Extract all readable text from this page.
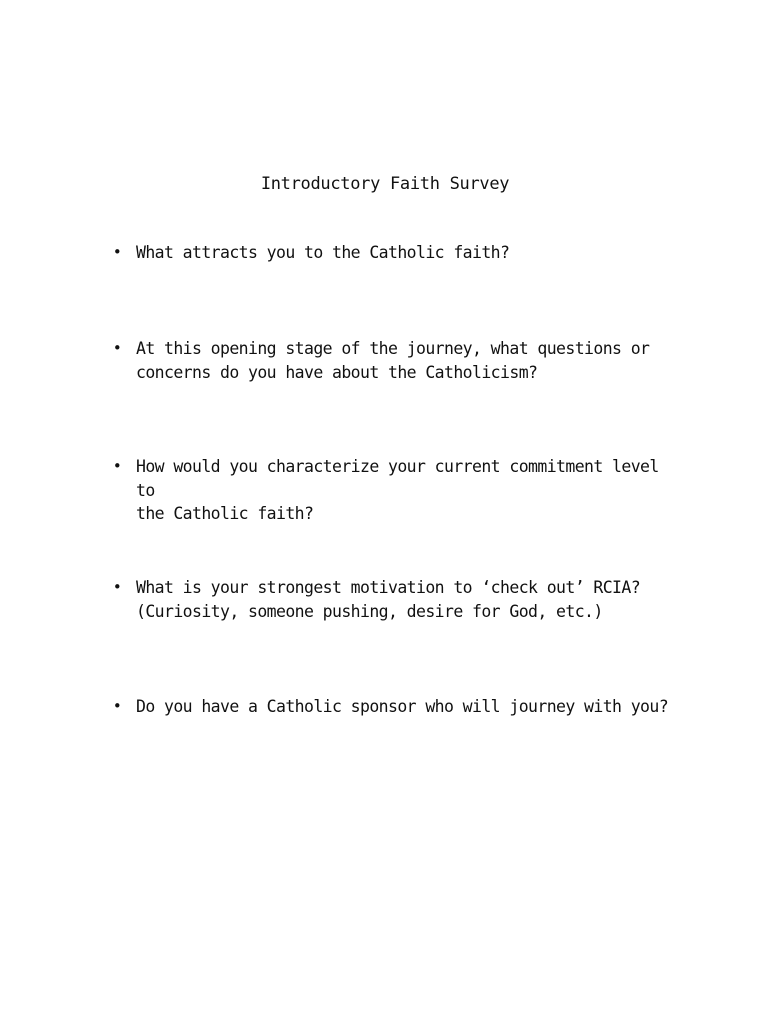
Introductory Faith Survey
• What attracts you to the Catholic faith?
• At this opening stage of the journey, what questions or
concerns do you have about the Catholicism?
• How would you characterize your current commitment level to
the Catholic faith?
• What is your strongest motivation to ‘check out’ RCIA?
(Curiosity, someone pushing, desire for God, etc.)
• Do you have a Catholic sponsor who will journey with you?
